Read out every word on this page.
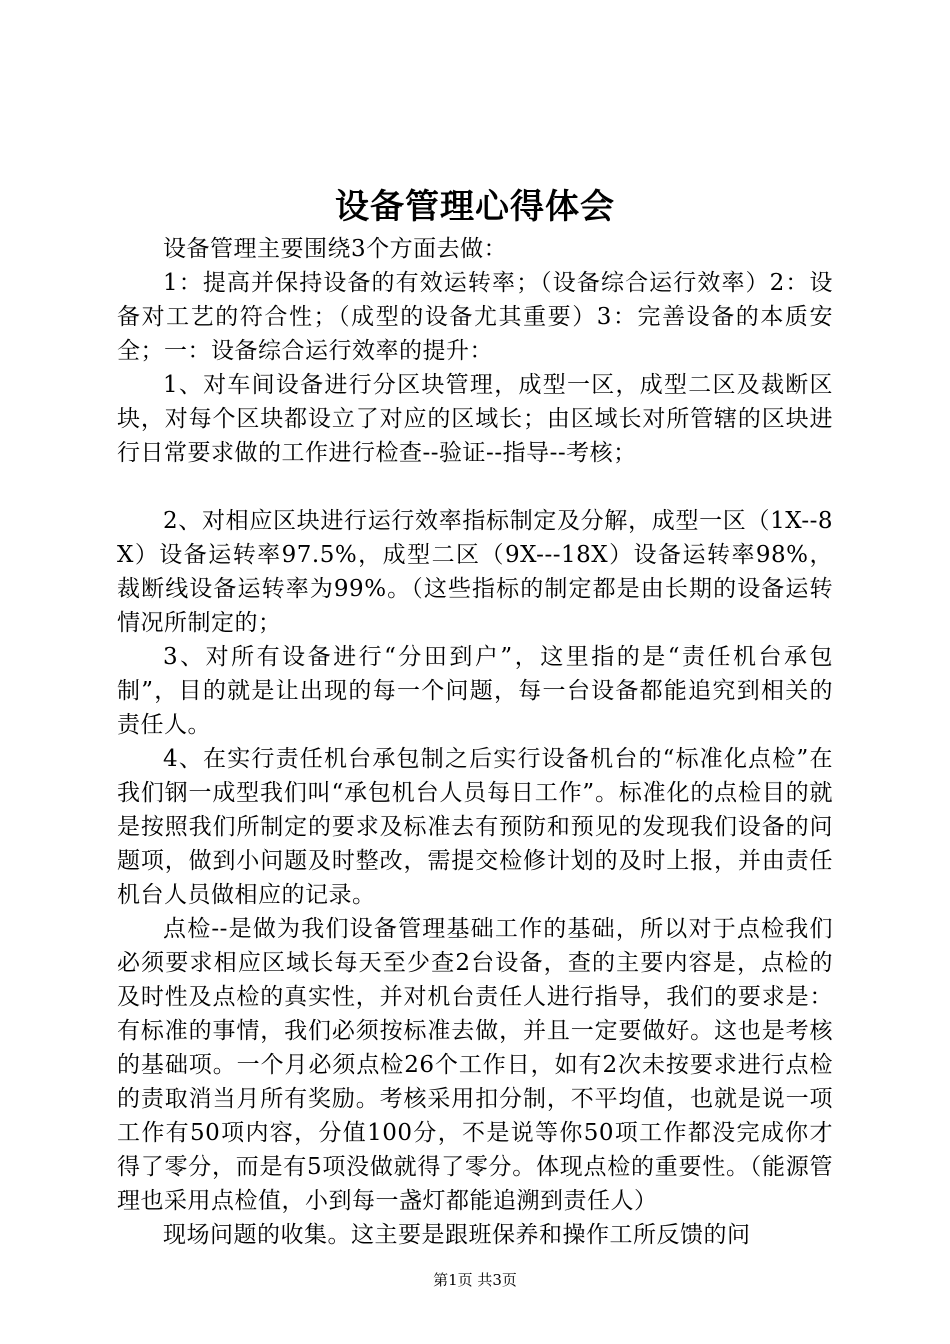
设备管理心得体会

设备管理主要围绕3个方面去做：

1：提高并保持设备的有效运转率；（设备综合运行效率）2：设备对工艺的符合性；（成型的设备尤其重要）3：完善设备的本质安全；一：设备综合运行效率的提升：

1、对车间设备进行分区块管理，成型一区，成型二区及裁断区块，对每个区块都设立了对应的区域长；由区域长对所管辖的区块进行日常要求做的工作进行检查--验证--指导--考核；

2、对相应区块进行运行效率指标制定及分解，成型一区（1X--8X）设备运转率97.5%，成型二区（9X---18X）设备运转率98%，裁断线设备运转率为99%。（这些指标的制定都是由长期的设备运转情况所制定的；

3、对所有设备进行“分田到户”，这里指的是“责任机台承包制”，目的就是让出现的每一个问题，每一台设备都能追究到相关的责任人。

4、在实行责任机台承包制之后实行设备机台的“标准化点检”在我们钢一成型我们叫“承包机台人员每日工作”。标准化的点检目的就是按照我们所制定的要求及标准去有预防和预见的发现我们设备的问题项，做到小问题及时整改，需提交检修计划的及时上报，并由责任机台人员做相应的记录。

点检--是做为我们设备管理基础工作的基础，所以对于点检我们必须要求相应区域长每天至少查2台设备，查的主要内容是，点检的及时性及点检的真实性，并对机台责任人进行指导，我们的要求是：有标准的事情，我们必须按标准去做，并且一定要做好。这也是考核的基础项。一个月必须点检26个工作日，如有2次未按要求进行点检的责取消当月所有奖励。考核采用扣分制，不平均值，也就是说一项工作有50项内容，分值100分，不是说等你50项工作都没完成你才得了零分，而是有5项没做就得了零分。体现点检的重要性。（能源管理也采用点检值，小到每一盏灯都能追溯到责任人）

现场问题的收集。这主要是跟班保养和操作工所反馈的问

第1页 共3页
